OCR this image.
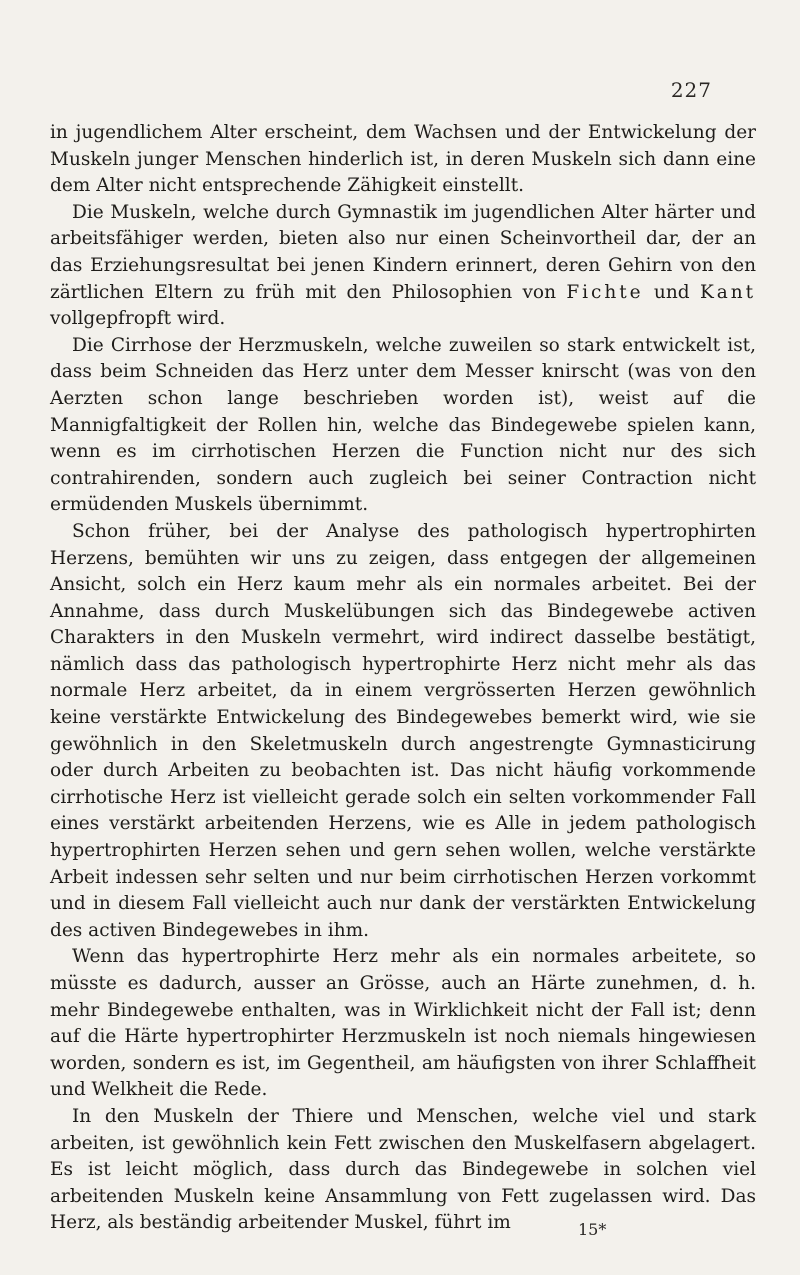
227

in jugendlichem Alter erscheint, dem Wachsen und der Entwickelung der Muskeln junger Menschen hinderlich ist, in deren Muskeln sich dann eine dem Alter nicht entsprechende Zähigkeit einstellt.

Die Muskeln, welche durch Gymnastik im jugendlichen Alter härter und arbeitsfähiger werden, bieten also nur einen Scheinvortheil dar, der an das Erziehungsresultat bei jenen Kindern erinnert, deren Gehirn von den zärtlichen Eltern zu früh mit den Philosophien von Fichte und Kant vollgepfropft wird.

Die Cirrhose der Herzmuskeln, welche zuweilen so stark entwickelt ist, dass beim Schneiden das Herz unter dem Messer knirscht (was von den Aerzten schon lange beschrieben worden ist), weist auf die Mannigfaltigkeit der Rollen hin, welche das Bindegewebe spielen kann, wenn es im cirrhotischen Herzen die Function nicht nur des sich contrahirenden, sondern auch zugleich bei seiner Contraction nicht ermüdenden Muskels übernimmt.

Schon früher, bei der Analyse des pathologisch hypertrophirten Herzens, bemühten wir uns zu zeigen, dass entgegen der allgemeinen Ansicht, solch ein Herz kaum mehr als ein normales arbeitet. Bei der Annahme, dass durch Muskelübungen sich das Bindegewebe activen Charakters in den Muskeln vermehrt, wird indirect dasselbe bestätigt, nämlich dass das pathologisch hypertrophirte Herz nicht mehr als das normale Herz arbeitet, da in einem vergrösserten Herzen gewöhnlich keine verstärkte Entwickelung des Bindegewebes bemerkt wird, wie sie gewöhnlich in den Skeletmuskeln durch angestrengte Gymnasticirung oder durch Arbeiten zu beobachten ist. Das nicht häufig vorkommende cirrhotische Herz ist vielleicht gerade solch ein selten vorkommender Fall eines verstärkt arbeitenden Herzens, wie es Alle in jedem pathologisch hypertrophirten Herzen sehen und gern sehen wollen, welche verstärkte Arbeit indessen sehr selten und nur beim cirrhotischen Herzen vorkommt und in diesem Fall vielleicht auch nur dank der verstärkten Entwickelung des activen Bindegewebes in ihm.

Wenn das hypertrophirte Herz mehr als ein normales arbeitete, so müsste es dadurch, ausser an Grösse, auch an Härte zunehmen, d. h. mehr Bindegewebe enthalten, was in Wirklichkeit nicht der Fall ist; denn auf die Härte hypertrophirter Herzmuskeln ist noch niemals hingewiesen worden, sondern es ist, im Gegentheil, am häufigsten von ihrer Schlaffheit und Welkheit die Rede.

In den Muskeln der Thiere und Menschen, welche viel und stark arbeiten, ist gewöhnlich kein Fett zwischen den Muskelfasern abgelagert. Es ist leicht möglich, dass durch das Bindegewebe in solchen viel arbeitenden Muskeln keine Ansammlung von Fett zugelassen wird. Das Herz, als beständig arbeitender Muskel, führt im	15*
